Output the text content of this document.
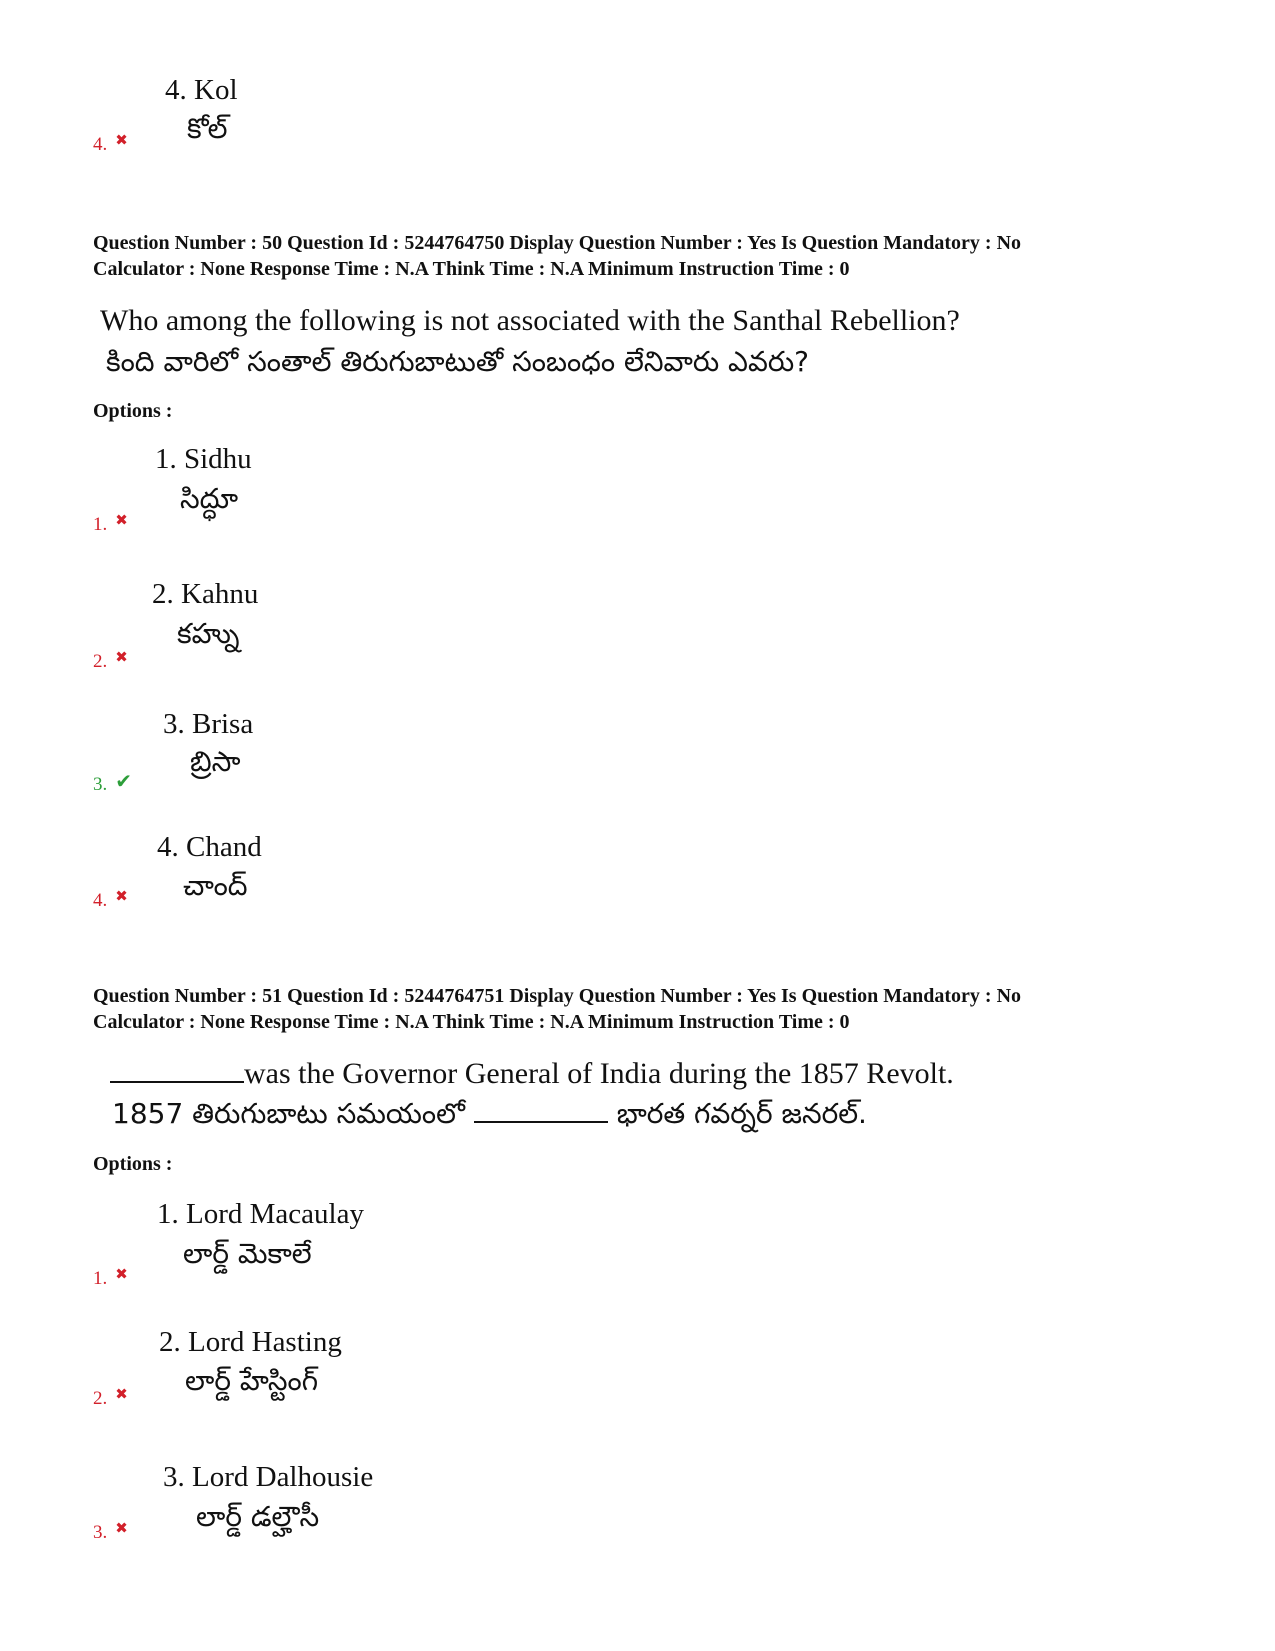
4. Kol
కోల్
4. ✖
Question Number : 50 Question Id : 5244764750 Display Question Number : Yes Is Question Mandatory : No
Calculator : None Response Time : N.A Think Time : N.A Minimum Instruction Time : 0
Who among the following is not associated with the Santhal Rebellion?
కింది వారిలో సంతాల్ తిరుగుబాటుతో సంబంధం లేనివారు ఎవరు?
Options :
1. Sidhu
సిద్ధూ
1. ✖
2. Kahnu
కహ్ను
2. ✖
3. Brisa
బ్రిసా
3. ✔
4. Chand
చాంద్
4. ✖
Question Number : 51 Question Id : 5244764751 Display Question Number : Yes Is Question Mandatory : No
Calculator : None Response Time : N.A Think Time : N.A Minimum Instruction Time : 0
was the Governor General of India during the 1857 Revolt.
1857 తిరుగుబాటు సమయంలో	భారత గవర్నర్ జనరల్.
Options :
1. Lord Macaulay
లార్డ్ మెకాలే
1. ✖
2. Lord Hasting
లార్డ్ హేస్టింగ్
2. ✖
3. Lord Dalhousie
లార్డ్ డల్హౌసీ
3. ✖
